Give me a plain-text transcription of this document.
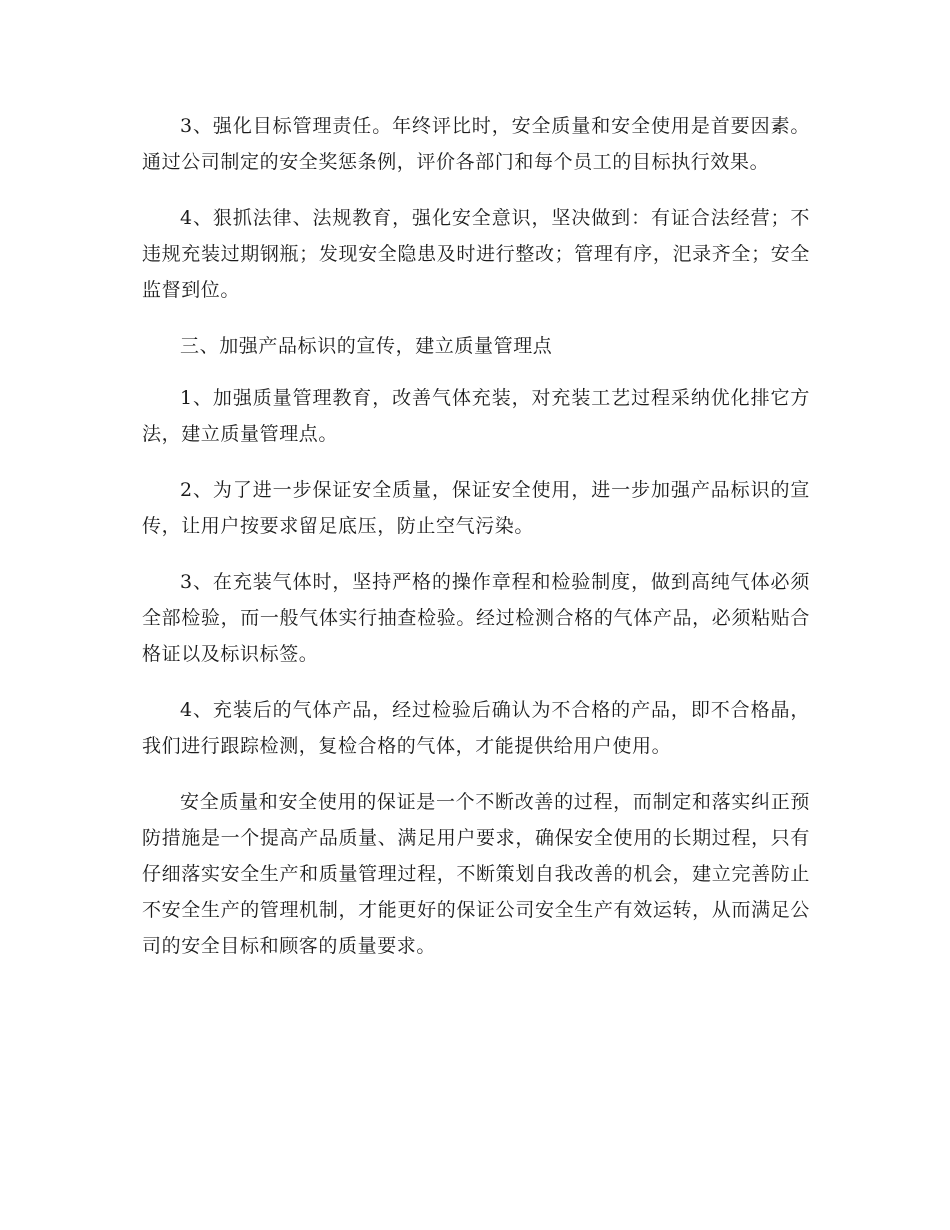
3、强化目标管理责任。年终评比时，安全质量和安全使用是首要因素。通过公司制定的安全奖惩条例，评价各部门和每个员工的目标执行效果。

4、狠抓法律、法规教育，强化安全意识，坚决做到：有证合法经营；不违规充装过期钢瓶；发现安全隐患及时进行整改；管理有序，汜录齐全；安全监督到位。

三、加强产品标识的宣传，建立质量管理点

1、加强质量管理教育，改善气体充装，对充装工艺过程采纳优化排它方法，建立质量管理点。

2、为了进一步保证安全质量，保证安全使用，进一步加强产品标识的宣传，让用户按要求留足底压，防止空气污染。

3、在充装气体时，坚持严格的操作章程和检验制度，做到高纯气体必须全部检验，而一般气体实行抽查检验。经过检测合格的气体产品，必须粘贴合格证以及标识标签。

4、充装后的气体产品，经过检验后确认为不合格的产品，即不合格晶，我们进行跟踪检测，复检合格的气体，才能提供给用户使用。

安全质量和安全使用的保证是一个不断改善的过程，而制定和落实纠正预防措施是一个提高产品质量、满足用户要求，确保安全使用的长期过程，只有仔细落实安全生产和质量管理过程，不断策划自我改善的机会，建立完善防止不安全生产的管理机制，才能更好的保证公司安全生产有效运转，从而满足公司的安全目标和顾客的质量要求。
